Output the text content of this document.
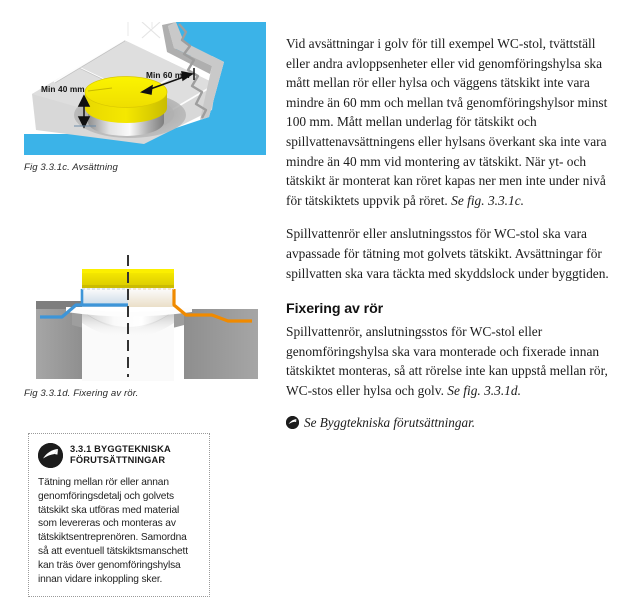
Min 60 mm
Min 40 mm
Fig 3.3.1c. Avsättning
Fig 3.3.1d. Fixering av rör.
3.3.1 BYGGTEKNISKA FÖRUTSÄTTNINGAR
Tätning mellan rör eller annan genomföringsdetalj och golvets tätskikt ska utföras med material som levereras och monteras av tätskiktsentreprenören. Samordna så att eventuell tätskiktsmanschett kan träs över genomföringshylsa innan vidare inkoppling sker.

Vid avsättningar i golv för till exempel WC-stol, tvättställ eller andra avloppsenheter eller vid genomföringshylsa ska mått mellan rör eller hylsa och väggens tätskikt inte vara mindre än 60 mm och mellan två genomföringshylsor minst 100 mm. Mått mellan underlag för tätskikt och spillvattenavsättningens eller hylsans överkant ska inte vara mindre än 40 mm vid montering av tätskikt. När yt- och tätskikt är monterat kan röret kapas ner men inte under nivå för tätskiktets uppvik på röret. Se fig. 3.3.1c.

Spillvattenrör eller anslutningsstos för WC-stol ska vara avpassade för tätning mot golvets tätskikt. Avsättningar för spillvatten ska vara täckta med skyddslock under byggtiden.

Fixering av rör

Spillvattenrör, anslutningsstos för WC-stol eller genomföringshylsa ska vara monterade och fixerade innan tätskiktet monteras, så att rörelse inte kan uppstå mellan rör, WC-stos eller hylsa och golv. Se fig. 3.3.1d.

Se Byggtekniska förutsättningar.
